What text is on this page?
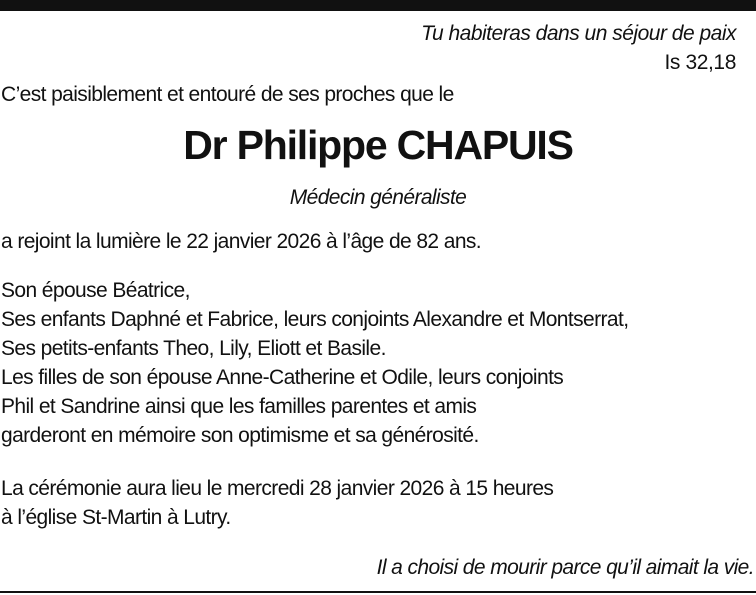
Tu habiteras dans un séjour de paix
Is 32,18
C’est paisiblement et entouré de ses proches que le
Dr Philippe CHAPUIS
Médecin généraliste
a rejoint la lumière le 22 janvier 2026 à l’âge de 82 ans.
Son épouse Béatrice,
Ses enfants Daphné et Fabrice, leurs conjoints Alexandre et Montserrat,
Ses petits-enfants Theo, Lily, Eliott et Basile.
Les filles de son épouse Anne-Catherine et Odile, leurs conjoints
Phil et Sandrine ainsi que les familles parentes et amis
garderont en mémoire son optimisme et sa générosité.
La cérémonie aura lieu le mercredi 28 janvier 2026 à 15 heures
à l’église St-Martin à Lutry.
Il a choisi de mourir parce qu’il aimait la vie.
